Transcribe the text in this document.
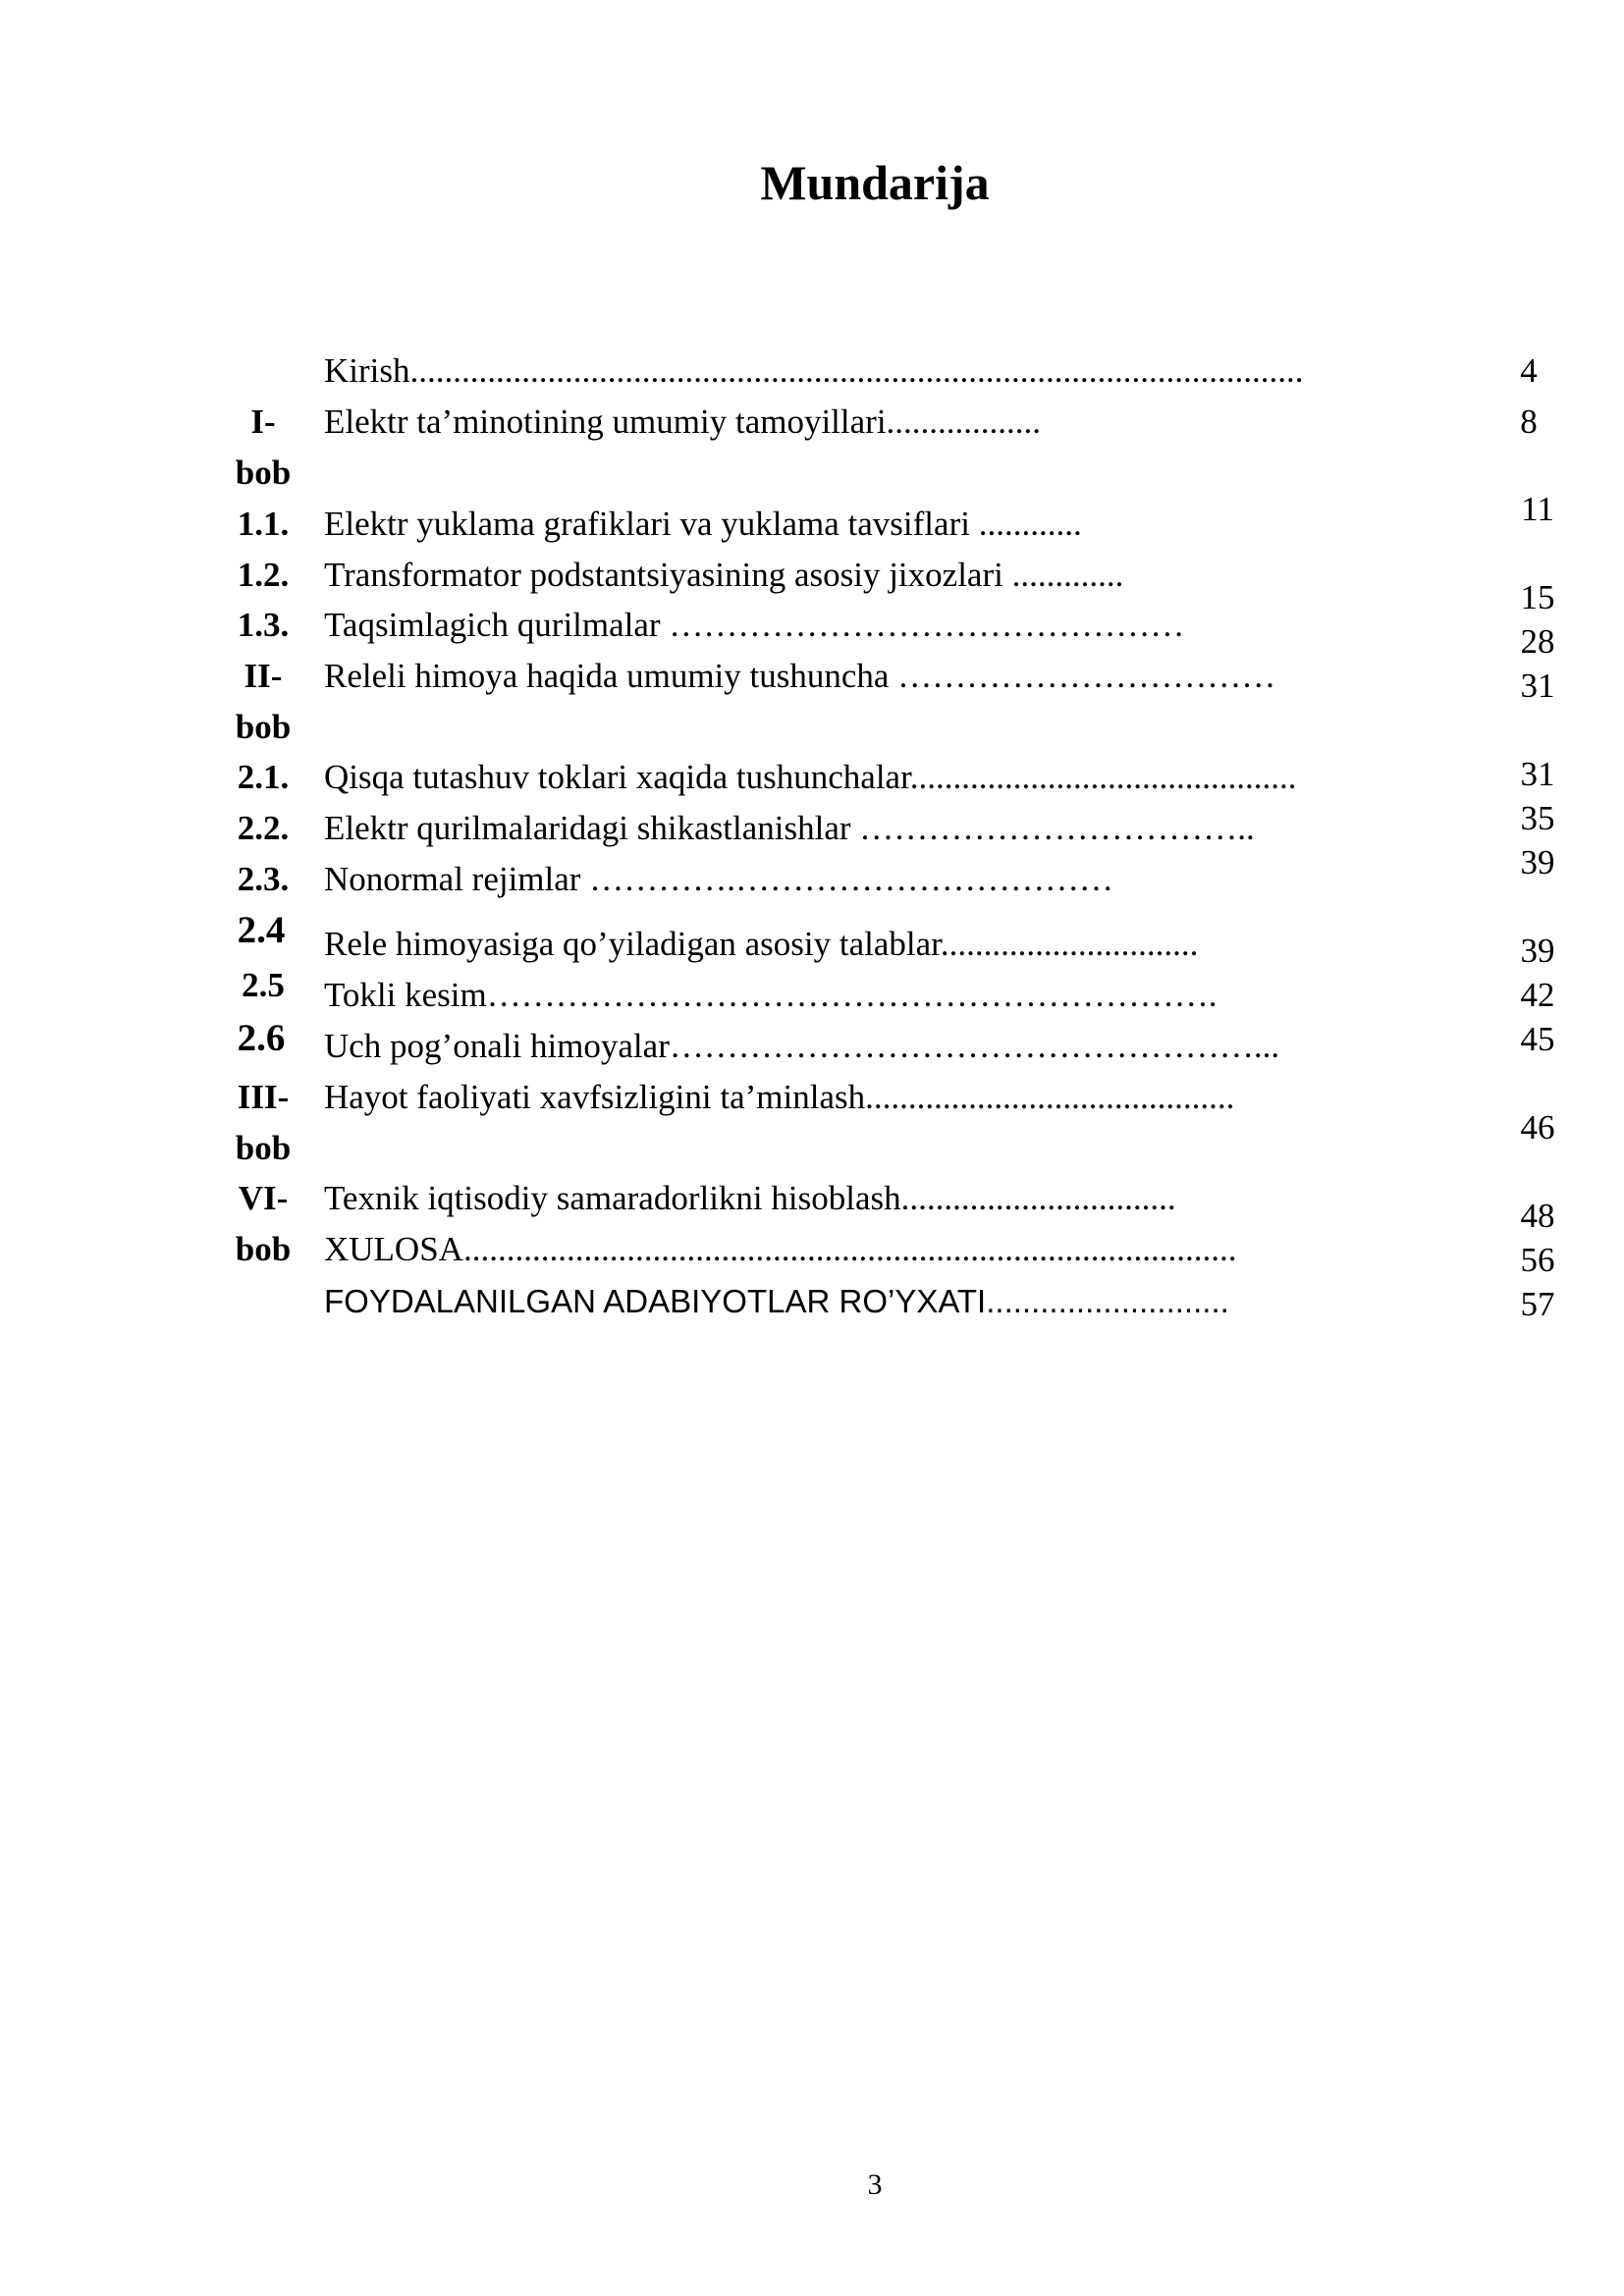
Mundarija
I-
bob
1.1.
1.2.
1.3.
II-
bob
2.1.
2.2.
2.3.
2.4
2.5
2.6
III-
bob
VI-
bob
Kirish........................................................................................................
Elektr ta’minotining umumiy tamoyillari..................
Elektr yuklama grafiklari va yuklama tavsiflari ............
Transformator podstantsiyasining asosiy jixozlari .............
Taqsimlagich qurilmalar ………………………………………
Releli himoya haqida umumiy tushuncha ……………………………
Qisqa tutashuv toklari xaqida tushunchalar.............................................
Elektr qurilmalaridagi shikastlanishlar ……………………………..
Nonormal rejimlar ………….……………………………
Rele himoyasiga qo’yiladigan asosiy talablar..............................
Tokli kesim……………………………………………………….
Uch pog’onali himoyalar……………………………………………...
Hayot faoliyati xavfsizligini ta’minlash...........................................
Texnik iqtisodiy samaradorlikni hisoblash................................
XULOSA..........................................................................................
FOYDALANILGAN ADABIYOTLAR RO’YXATI...........................
4
8
11
15
28
31
31
35
39
39
42
45
46
48
56
57
3
